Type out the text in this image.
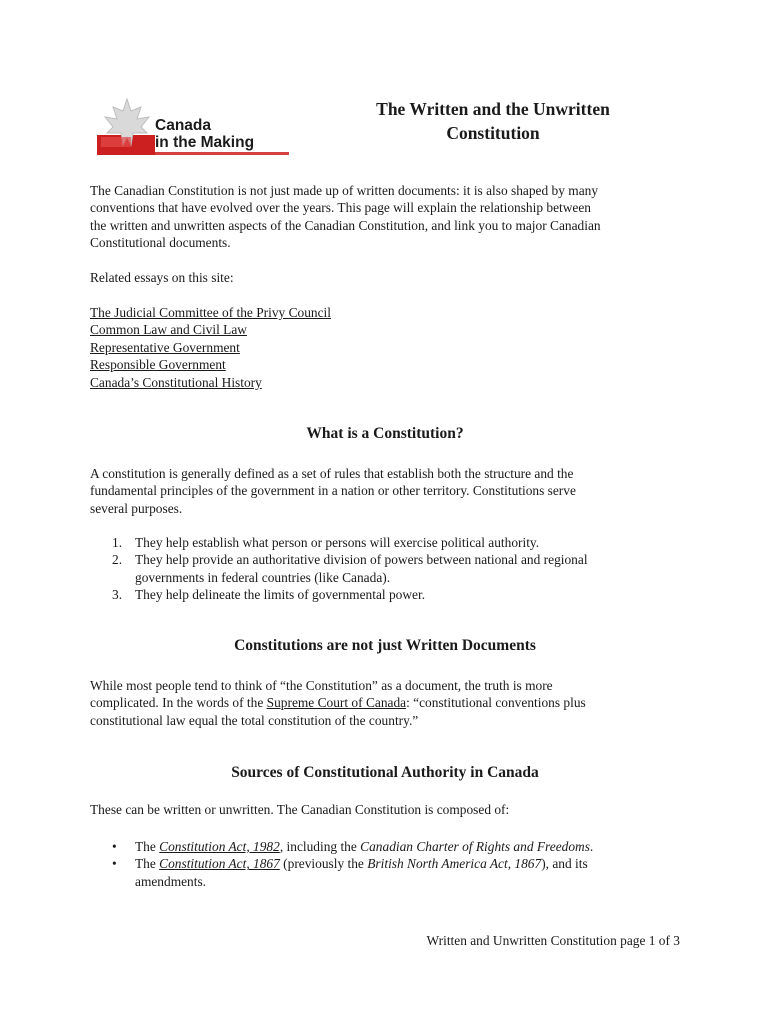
Canada
in the Making
The Written and the Unwritten
Constitution

The Canadian Constitution is not just made up of written documents: it is also shaped by many
conventions that have evolved over the years. This page will explain the relationship between
the written and unwritten aspects of the Canadian Constitution, and link you to major Canadian
Constitutional documents.

Related essays on this site:

The Judicial Committee of the Privy Council
Common Law and Civil Law
Representative Government
Responsible Government
Canada’s Constitutional History

What is a Constitution?

A constitution is generally defined as a set of rules that establish both the structure and the
fundamental principles of the government in a nation or other territory. Constitutions serve
several purposes.

1. They help establish what person or persons will exercise political authority.
2. They help provide an authoritative division of powers between national and regional
governments in federal countries (like Canada).
3. They help delineate the limits of governmental power.
Constitutions are not just Written Documents

While most people tend to think of “the Constitution” as a document, the truth is more
complicated. In the words of the Supreme Court of Canada: “constitutional conventions plus
constitutional law equal the total constitution of the country.”

Sources of Constitutional Authority in Canada

These can be written or unwritten. The Canadian Constitution is composed of:

• The Constitution Act, 1982, including the Canadian Charter of Rights and Freedoms.
• The Constitution Act, 1867 (previously the British North America Act, 1867), and its
amendments.
Written and Unwritten Constitution page 1 of 3
